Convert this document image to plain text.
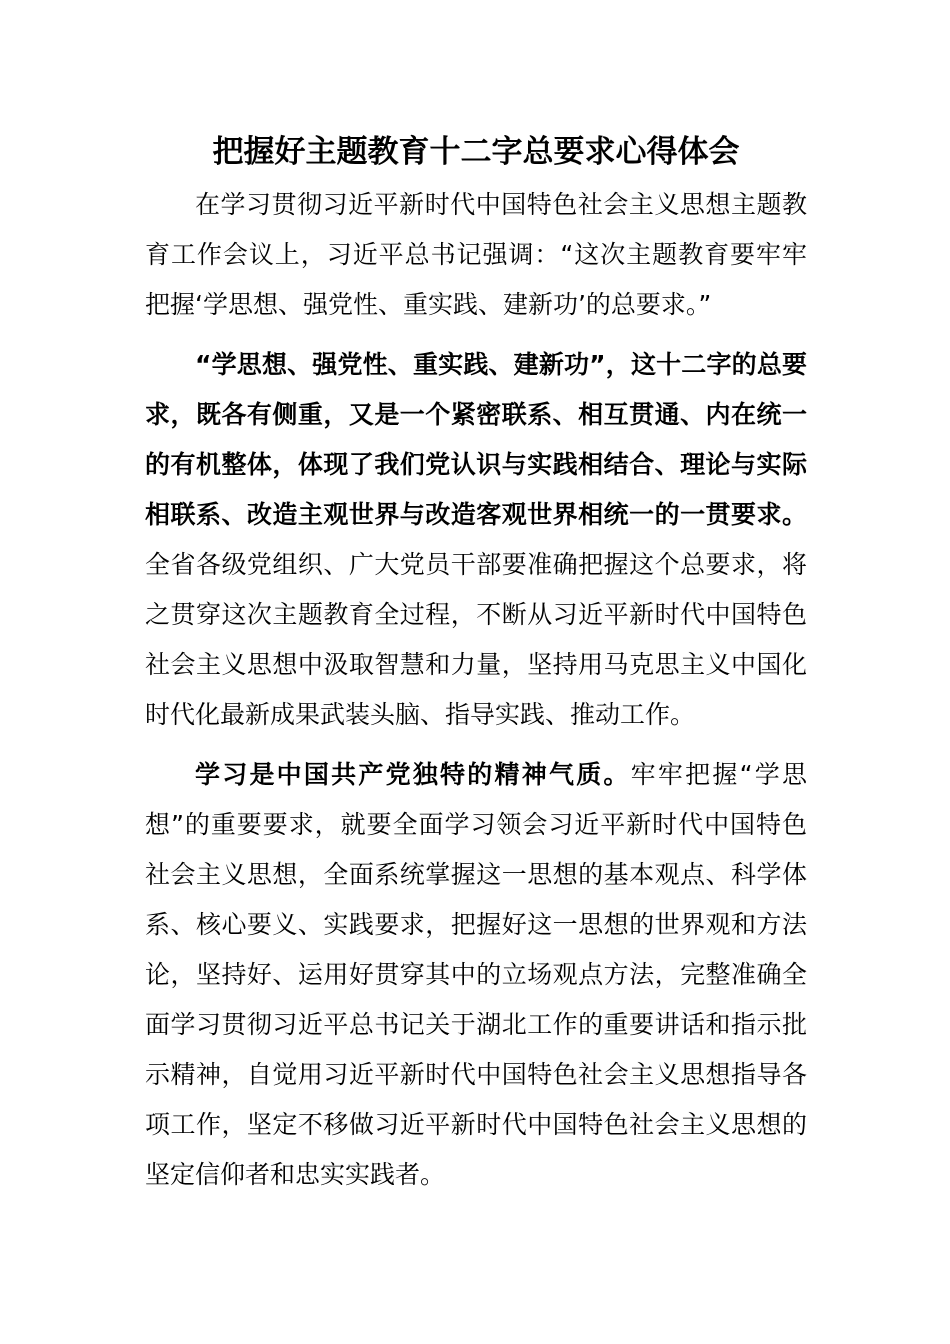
把握好主题教育十二字总要求心得体会

在学习贯彻习近平新时代中国特色社会主义思想主题教育工作会议上，习近平总书记强调：“这次主题教育要牢牢把握‘学思想、强党性、重实践、建新功’的总要求。”

“学思想、强党性、重实践、建新功”，这十二字的总要求，既各有侧重，又是一个紧密联系、相互贯通、内在统一的有机整体，体现了我们党认识与实践相结合、理论与实际相联系、改造主观世界与改造客观世界相统一的一贯要求。全省各级党组织、广大党员干部要准确把握这个总要求，将之贯穿这次主题教育全过程，不断从习近平新时代中国特色社会主义思想中汲取智慧和力量，坚持用马克思主义中国化时代化最新成果武装头脑、指导实践、推动工作。

学习是中国共产党独特的精神气质。牢牢把握“学思想”的重要要求，就要全面学习领会习近平新时代中国特色社会主义思想，全面系统掌握这一思想的基本观点、科学体系、核心要义、实践要求，把握好这一思想的世界观和方法论，坚持好、运用好贯穿其中的立场观点方法，完整准确全面学习贯彻习近平总书记关于湖北工作的重要讲话和指示批示精神，自觉用习近平新时代中国特色社会主义思想指导各项工作，坚定不移做习近平新时代中国特色社会主义思想的坚定信仰者和忠实实践者。
